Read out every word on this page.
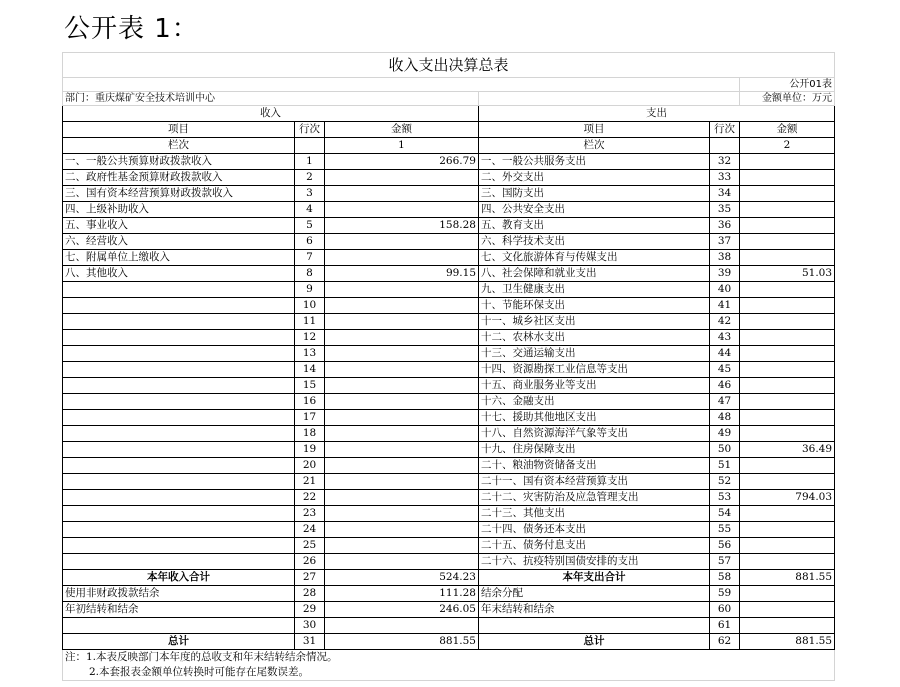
公开表 1：
收入支出决算总表					
					公开01表
部门：重庆煤矿安全技术培训中心					金额单位：万元
收入			支出		
项目	行次	金额	项目	行次	金额
栏次		1	栏次		2
一、一般公共预算财政拨款收入	1	266.79	一、一般公共服务支出	32	
二、政府性基金预算财政拨款收入	2		二、外交支出	33	
三、国有资本经营预算财政拨款收入	3		三、国防支出	34	
四、上级补助收入	4		四、公共安全支出	35	
五、事业收入	5	158.28	五、教育支出	36	
六、经营收入	6		六、科学技术支出	37	
七、附属单位上缴收入	7		七、文化旅游体育与传媒支出	38	
八、其他收入	8	99.15	八、社会保障和就业支出	39	51.03
	9		九、卫生健康支出	40	
	10		十、节能环保支出	41	
	11		十一、城乡社区支出	42	
	12		十二、农林水支出	43	
	13		十三、交通运输支出	44	
	14		十四、资源勘探工业信息等支出	45	
	15		十五、商业服务业等支出	46	
	16		十六、金融支出	47	
	17		十七、援助其他地区支出	48	
	18		十八、自然资源海洋气象等支出	49	
	19		十九、住房保障支出	50	36.49
	20		二十、粮油物资储备支出	51	
	21		二十一、国有资本经营预算支出	52	
	22		二十二、灾害防治及应急管理支出	53	794.03
	23		二十三、其他支出	54	
	24		二十四、债务还本支出	55	
	25		二十五、债务付息支出	56	
	26		二十六、抗疫特别国债安排的支出	57	
本年收入合计	27	524.23	本年支出合计	58	881.55
使用非财政拨款结余	28	111.28	结余分配	59	
年初结转和结余	29	246.05	年末结转和结余	60	
	30			61	
总计	31	881.55	总计	62	881.55
注：1.本表反映部门本年度的总收支和年末结转结余情况。					
2.本套报表金额单位转换时可能存在尾数误差。					
